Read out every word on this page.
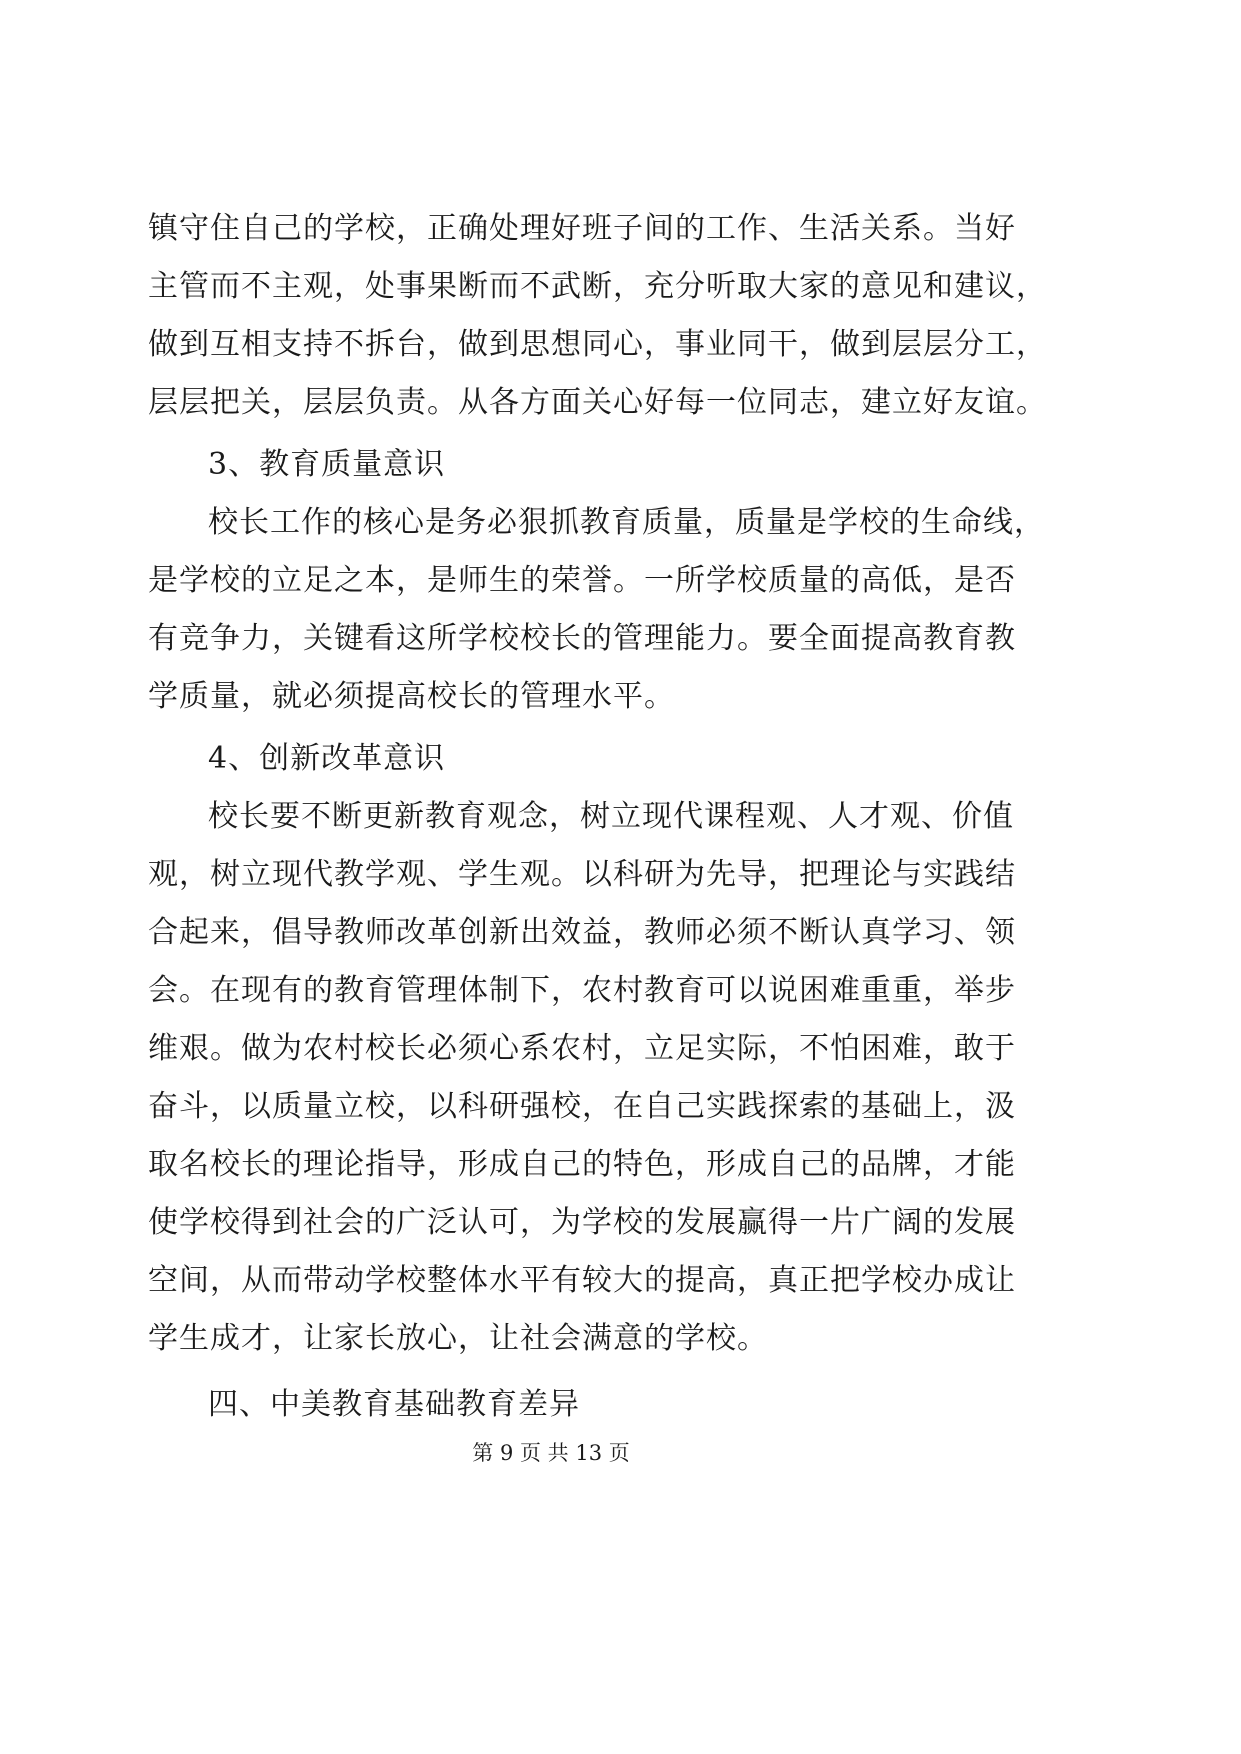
镇守住自己的学校，正确处理好班子间的工作、生活关系。当好
主管而不主观，处事果断而不武断，充分听取大家的意见和建议，
做到互相支持不拆台，做到思想同心，事业同干，做到层层分工，
层层把关，层层负责。从各方面关心好每一位同志，建立好友谊。
3、教育质量意识
校长工作的核心是务必狠抓教育质量，质量是学校的生命线，
是学校的立足之本，是师生的荣誉。一所学校质量的高低，是否
有竞争力，关键看这所学校校长的管理能力。要全面提高教育教
学质量，就必须提高校长的管理水平。
4、创新改革意识
校长要不断更新教育观念，树立现代课程观、人才观、价值
观，树立现代教学观、学生观。以科研为先导，把理论与实践结
合起来，倡导教师改革创新出效益，教师必须不断认真学习、领
会。在现有的教育管理体制下，农村教育可以说困难重重，举步
维艰。做为农村校长必须心系农村，立足实际，不怕困难，敢于
奋斗，以质量立校，以科研强校，在自己实践探索的基础上，汲
取名校长的理论指导，形成自己的特色，形成自己的品牌，才能
使学校得到社会的广泛认可，为学校的发展赢得一片广阔的发展
空间，从而带动学校整体水平有较大的提高，真正把学校办成让
学生成才，让家长放心，让社会满意的学校。
四、中美教育基础教育差异
第 9 页 共 13 页
